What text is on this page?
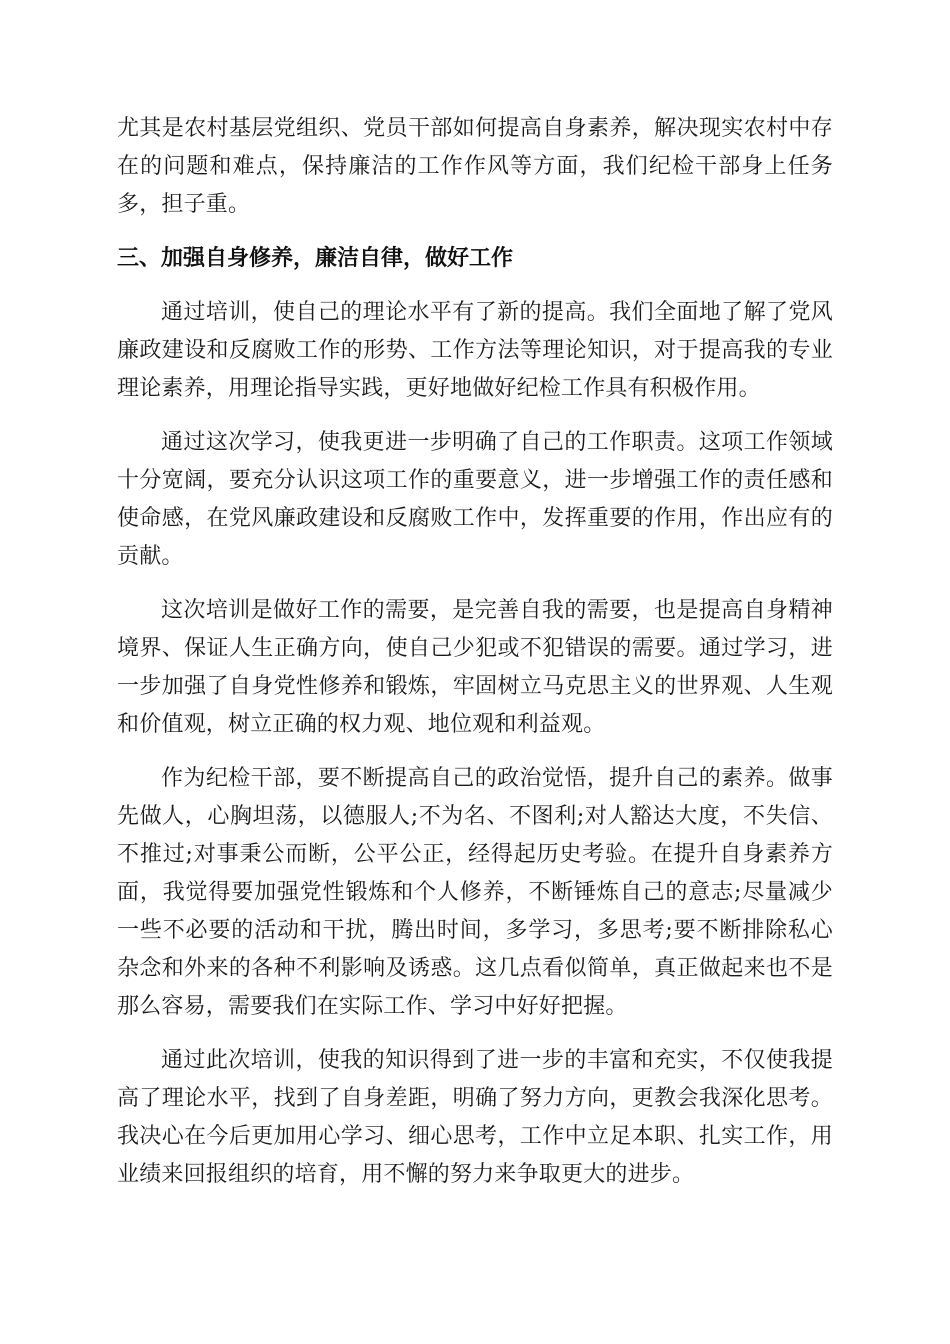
尤其是农村基层党组织、党员干部如何提高自身素养，解决现实农村中存在的问题和难点，保持廉洁的工作作风等方面，我们纪检干部身上任务多，担子重。

三、加强自身修养，廉洁自律，做好工作

通过培训，使自己的理论水平有了新的提高。我们全面地了解了党风廉政建设和反腐败工作的形势、工作方法等理论知识，对于提高我的专业理论素养，用理论指导实践，更好地做好纪检工作具有积极作用。

通过这次学习，使我更进一步明确了自己的工作职责。这项工作领域十分宽阔，要充分认识这项工作的重要意义，进一步增强工作的责任感和使命感，在党风廉政建设和反腐败工作中，发挥重要的作用，作出应有的贡献。

这次培训是做好工作的需要，是完善自我的需要，也是提高自身精神境界、保证人生正确方向，使自己少犯或不犯错误的需要。通过学习，进一步加强了自身党性修养和锻炼，牢固树立马克思主义的世界观、人生观和价值观，树立正确的权力观、地位观和利益观。

作为纪检干部，要不断提高自己的政治觉悟，提升自己的素养。做事先做人，心胸坦荡，以德服人;不为名、不图利;对人豁达大度，不失信、不推过;对事秉公而断，公平公正，经得起历史考验。在提升自身素养方面，我觉得要加强党性锻炼和个人修养，不断锤炼自己的意志;尽量减少一些不必要的活动和干扰，腾出时间，多学习，多思考;要不断排除私心杂念和外来的各种不利影响及诱惑。这几点看似简单，真正做起来也不是那么容易，需要我们在实际工作、学习中好好把握。

通过此次培训，使我的知识得到了进一步的丰富和充实，不仅使我提高了理论水平，找到了自身差距，明确了努力方向，更教会我深化思考。我决心在今后更加用心学习、细心思考，工作中立足本职、扎实工作，用业绩来回报组织的培育，用不懈的努力来争取更大的进步。
